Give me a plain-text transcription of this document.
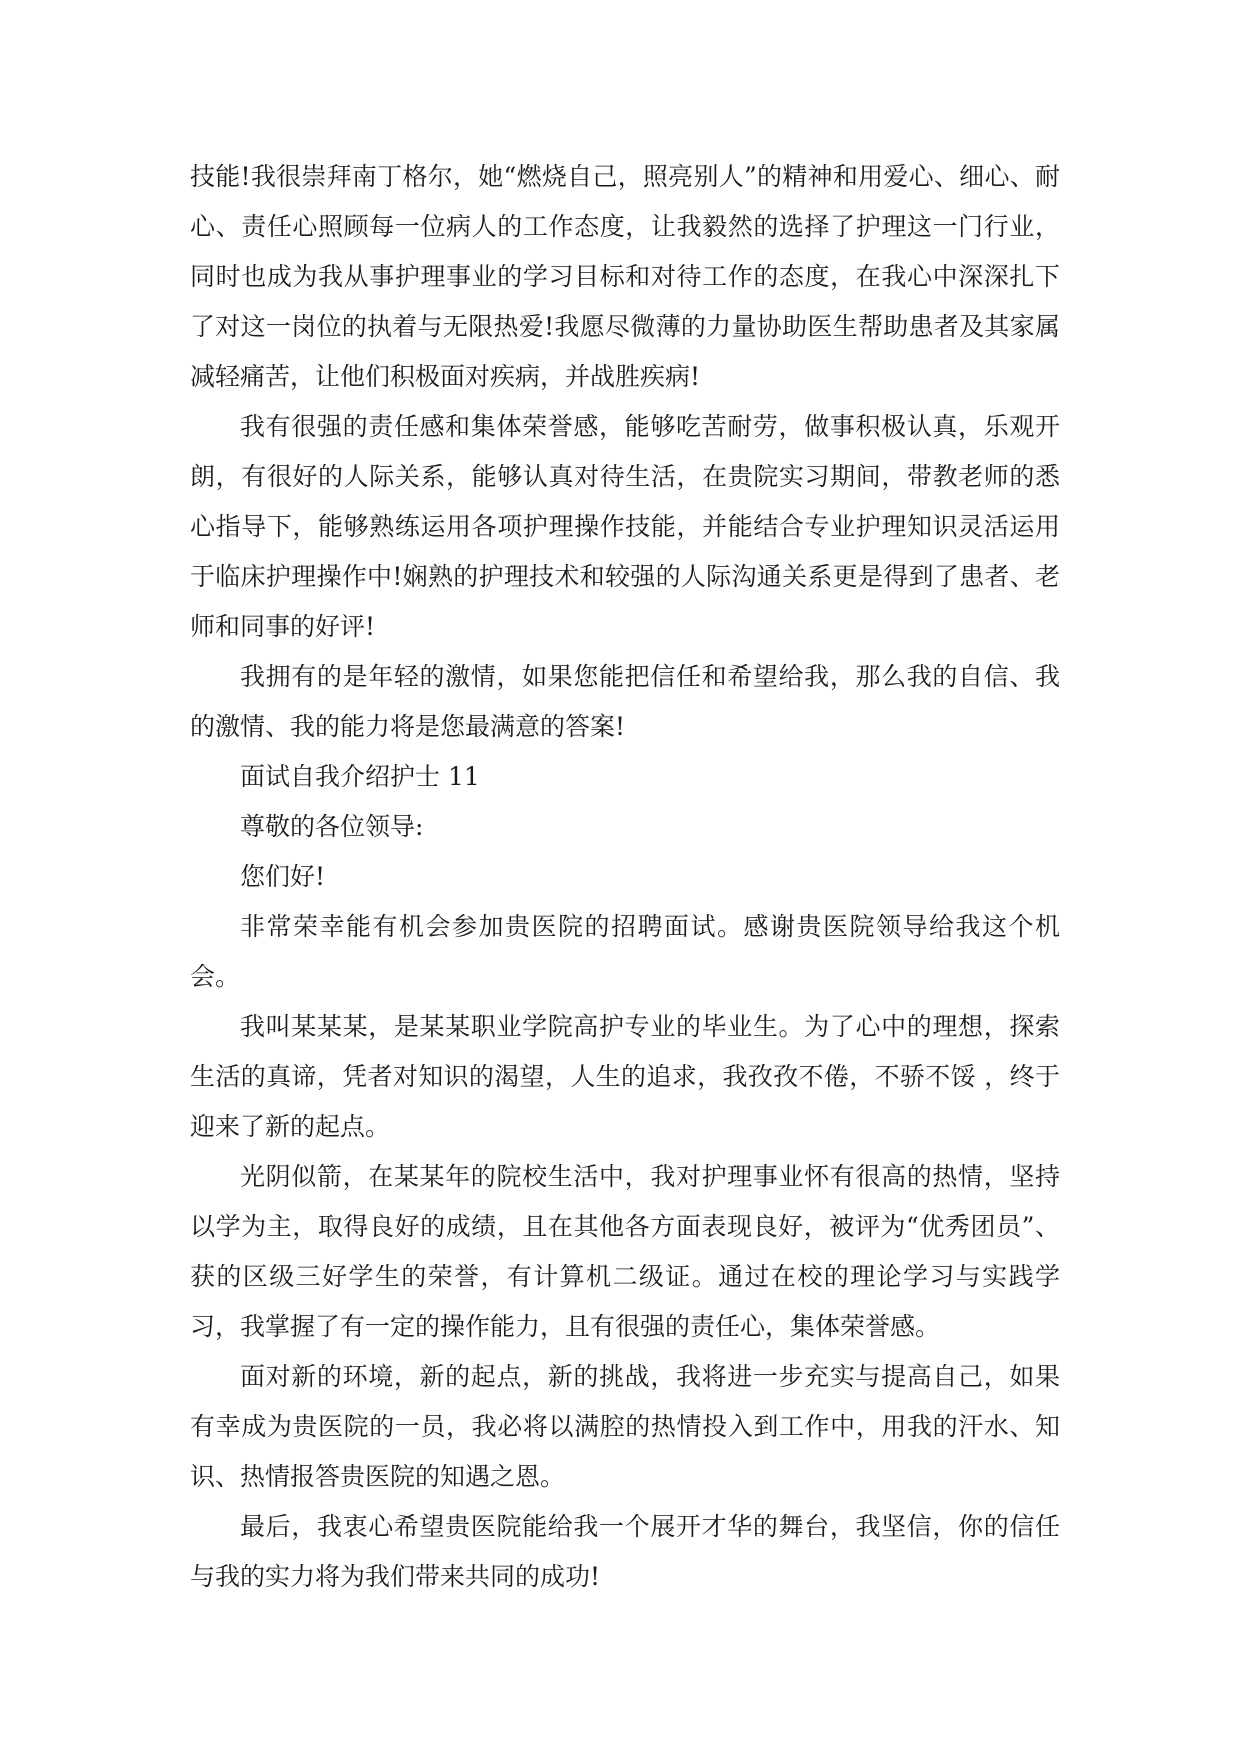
技能!我很崇拜南丁格尔，她“燃烧自己，照亮别人”的精神和用爱心、细心、耐心、责任心照顾每一位病人的工作态度，让我毅然的选择了护理这一门行业，同时也成为我从事护理事业的学习目标和对待工作的态度，在我心中深深扎下了对这一岗位的执着与无限热爱!我愿尽微薄的力量协助医生帮助患者及其家属减轻痛苦，让他们积极面对疾病，并战胜疾病!

我有很强的责任感和集体荣誉感，能够吃苦耐劳，做事积极认真，乐观开朗，有很好的人际关系，能够认真对待生活，在贵院实习期间，带教老师的悉心指导下，能够熟练运用各项护理操作技能，并能结合专业护理知识灵活运用于临床护理操作中!娴熟的护理技术和较强的人际沟通关系更是得到了患者、老师和同事的好评!

我拥有的是年轻的激情，如果您能把信任和希望给我，那么我的自信、我的激情、我的能力将是您最满意的答案!

面试自我介绍护士 11

尊敬的各位领导:

您们好!

非常荣幸能有机会参加贵医院的招聘面试。感谢贵医院领导给我这个机会。

我叫某某某，是某某职业学院高护专业的毕业生。为了心中的理想，探索生活的真谛，凭者对知识的渴望，人生的追求，我孜孜不倦，不骄不馁 ，终于迎来了新的起点。

光阴似箭，在某某年的院校生活中，我对护理事业怀有很高的热情，坚持以学为主，取得良好的成绩，且在其他各方面表现良好，被评为“优秀团员”、获的区级三好学生的荣誉，有计算机二级证。通过在校的理论学习与实践学习，我掌握了有一定的操作能力，且有很强的责任心，集体荣誉感。

面对新的环境，新的起点，新的挑战，我将进一步充实与提高自己，如果有幸成为贵医院的一员，我必将以满腔的热情投入到工作中，用我的汗水、知识、热情报答贵医院的知遇之恩。

最后，我衷心希望贵医院能给我一个展开才华的舞台，我坚信，你的信任与我的实力将为我们带来共同的成功!
